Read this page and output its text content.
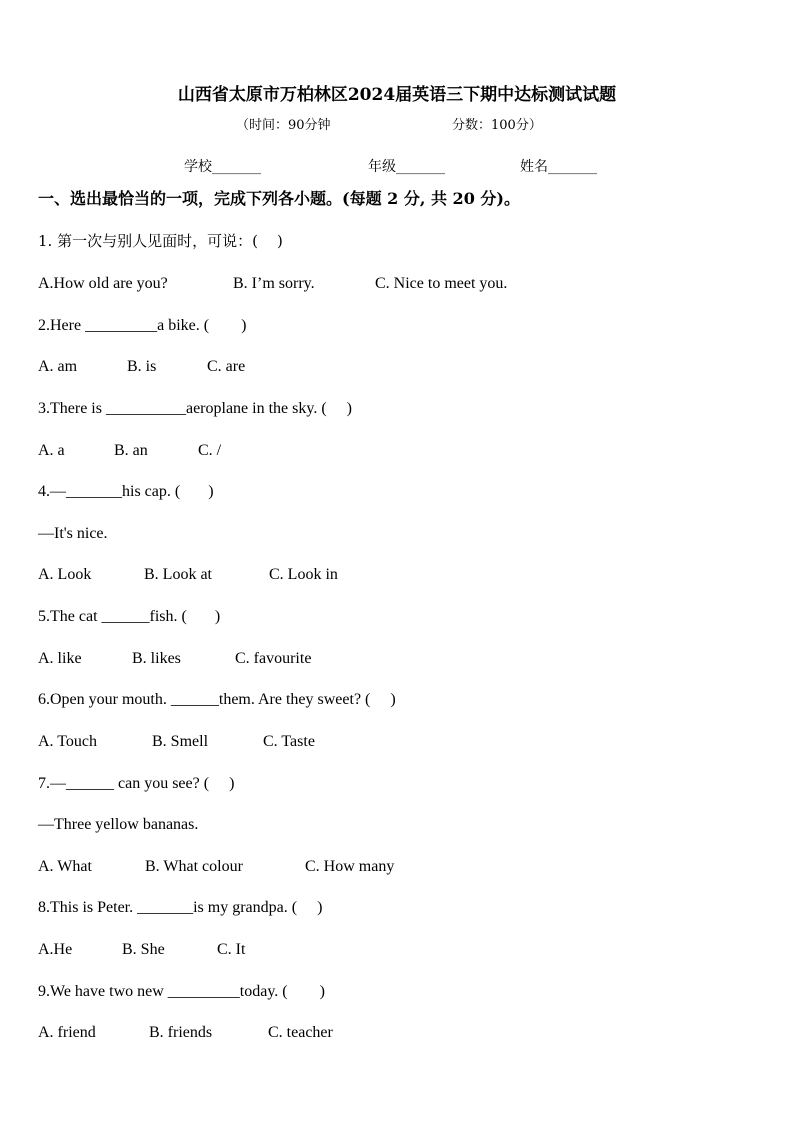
山西省太原市万柏林区2024届英语三下期中达标测试试题
（时间：90分钟	分数：100分）
学校_______	年级_______	姓名_______
一、选出最恰当的一项，完成下列各小题。(每题 2 分, 共 20 分)。
1. 第一次与别人见面时，可说：(    )
A.How old are you?	B. I’m sorry.	C. Nice to meet you.
2.Here _________a bike. (        )
A. am	B. is	C. are
3.There is __________aeroplane in the sky. (     )
A. a	B. an	C. /
4.—_______his cap. (       )
—It's nice.
A. Look	B. Look at	C. Look in
5.The cat ______fish. (       )
A. like	B. likes	C. favourite
6.Open your mouth. ______them. Are they sweet? (     )
A. Touch	B. Smell	C. Taste
7.—______ can you see? (     )
—Three yellow bananas.
A. What	B. What colour	C. How many
8.This is Peter. _______is my grandpa. (     )
A.He	B. She	C. It
9.We have two new _________today. (        )
A. friend	B. friends	C. teacher
